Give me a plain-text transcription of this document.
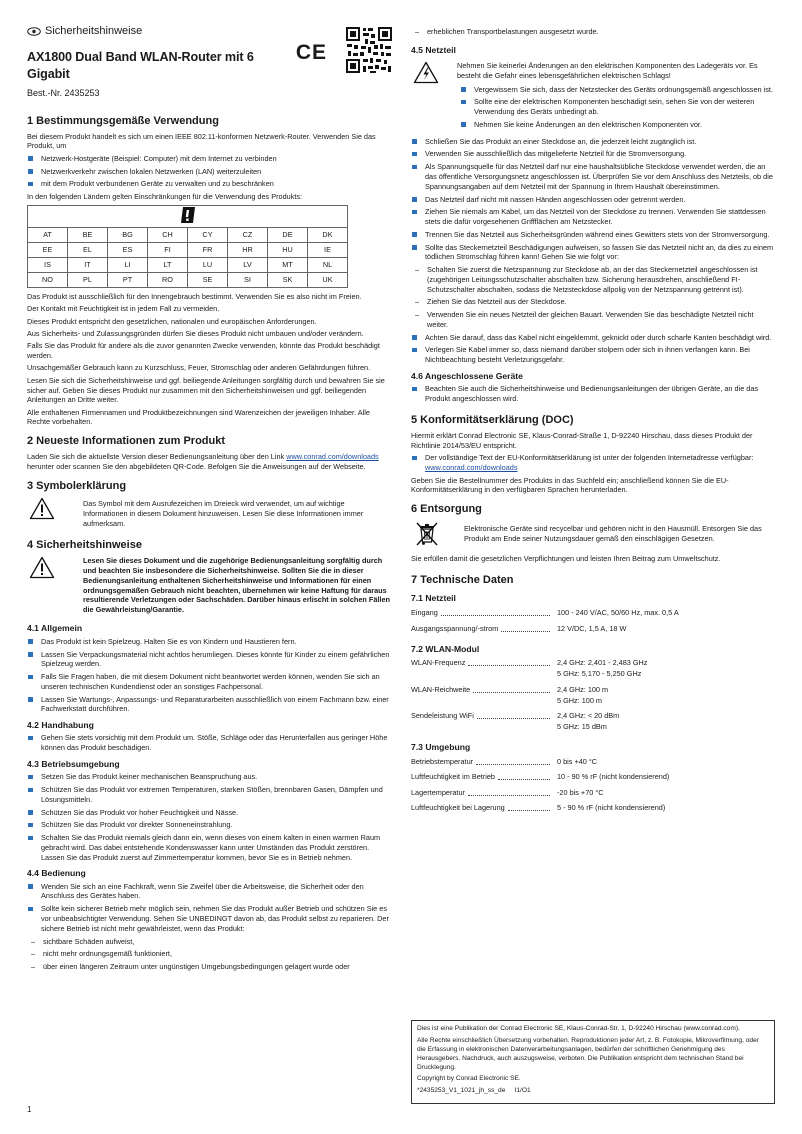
Sicherheitshinweise
AX1800 Dual Band WLAN-Router mit 6 Gigabit
Best.-Nr. 2435253
CE
1 Bestimmungsgemäße Verwendung

Bei diesem Produkt handelt es sich um einen IEEE 802.11-konformen Netzwerk-Router. Verwenden Sie das Produkt, um

Netzwerk-Hostgeräte (Beispiel: Computer) mit dem Internet zu verbinden
Netzwerkverkehr zwischen lokalen Netzwerken (LAN) weiterzuleiten
mit dem Produkt verbundenen Geräte zu verwalten und zu beschränken

In den folgenden Ländern gelten Einschränkungen für die Verwendung des Produkts:

AT	BE	BG	CH	CY	CZ	DE	DK
EE	EL	ES	FI	FR	HR	HU	IE
IS	IT	LI	LT	LU	LV	MT	NL
NO	PL	PT	RO	SE	SI	SK	UK

Das Produkt ist ausschließlich für den Innengebrauch bestimmt. Verwenden Sie es also nicht im Freien.

Der Kontakt mit Feuchtigkeit ist in jedem Fall zu vermeiden.

Dieses Produkt entspricht den gesetzlichen, nationalen und europäischen Anforderungen.

Aus Sicherheits- und Zulassungsgründen dürfen Sie dieses Produkt nicht umbauen und/oder verändern.

Falls Sie das Produkt für andere als die zuvor genannten Zwecke verwenden, könnte das Produkt beschädigt werden.

Unsachgemäßer Gebrauch kann zu Kurzschluss, Feuer, Stromschlag oder anderen Gefährdungen führen.

Lesen Sie sich die Sicherheitshinweise und ggf. beiliegende Anleitungen sorgfältig durch und bewahren Sie sie sicher auf. Geben Sie dieses Produkt nur zusammen mit den Sicherheitshinweisen und ggf. beiliegenden Anleitungen an Dritte weiter.

Alle enthaltenen Firmennamen und Produktbezeichnungen sind Warenzeichen der jeweiligen Inhaber. Alle Rechte vorbehalten.

2 Neueste Informationen zum Produkt

Laden Sie sich die aktuellste Version dieser Bedienungsanleitung über den Link www.conrad.com/downloads herunter oder scannen Sie den abgebildeten QR-Code. Befolgen Sie die Anweisungen auf der Webseite.

3 Symbolerklärung

Das Symbol mit dem Ausrufezeichen im Dreieck wird verwendet, um auf wichtige Informationen in diesem Dokument hinzuweisen. Lesen Sie diese Informationen immer aufmerksam.

4 Sicherheitshinweise

Lesen Sie dieses Dokument und die zugehörige Bedienungsanleitung sorgfältig durch und beachten Sie insbesondere die Sicherheitshinweise. Sollten Sie die in dieser Bedienungsanleitung enthaltenen Sicherheitshinweise und Informationen für einen ordnungsgemäßen Gebrauch nicht beachten, übernehmen wir keine Haftung für daraus resultierende Verletzungen oder Sachschäden. Darüber hinaus erlischt in solchen Fällen die Gewährleistung/Garantie.

4.1 Allgemein
Das Produkt ist kein Spielzeug. Halten Sie es von Kindern und Haustieren fern.
Lassen Sie Verpackungsmaterial nicht achtlos herumliegen. Dieses könnte für Kinder zu einem gefährlichen Spielzeug werden.
Falls Sie Fragen haben, die mit diesem Dokument nicht beantwortet werden können, wenden Sie sich an unseren technischen Kundendienst oder an sonstiges Fachpersonal.
Lassen Sie Wartungs-, Anpassungs- und Reparaturarbeiten ausschließlich von einem Fachmann bzw. einer Fachwerkstatt durchführen.
4.2 Handhabung
Gehen Sie stets vorsichtig mit dem Produkt um. Stöße, Schläge oder das Herunterfallen aus geringer Höhe können das Produkt beschädigen.
4.3 Betriebsumgebung
Setzen Sie das Produkt keiner mechanischen Beanspruchung aus.
Schützen Sie das Produkt vor extremen Temperaturen, starken Stößen, brennbaren Gasen, Dämpfen und Lösungsmitteln.
Schützen Sie das Produkt vor hoher Feuchtigkeit und Nässe.
Schützen Sie das Produkt vor direkter Sonneneinstrahlung.
Schalten Sie das Produkt niemals gleich dann ein, wenn dieses von einem kalten in einen warmen Raum gebracht wird. Das dabei entstehende Kondenswasser kann unter Umständen das Produkt zerstören. Lassen Sie das Produkt zuerst auf Zimmertemperatur kommen, bevor Sie es in Betrieb nehmen.
4.4 Bedienung
Wenden Sie sich an eine Fachkraft, wenn Sie Zweifel über die Arbeitsweise, die Sicherheit oder den Anschluss des Gerätes haben.
Sollte kein sicherer Betrieb mehr möglich sein, nehmen Sie das Produkt außer Betrieb und schützen Sie es vor unbeabsichtigter Verwendung. Sehen Sie UNBEDINGT davon ab, das Produkt selbst zu reparieren. Der sichere Betrieb ist nicht mehr gewährleistet, wenn das Produkt:
– sichtbare Schäden aufweist,
– nicht mehr ordnungsgemäß funktioniert,
– über einen längeren Zeitraum unter ungünstigen Umgebungsbedingungen gelagert wurde oder
– erheblichen Transportbelastungen ausgesetzt wurde.
4.5 Netzteil

Nehmen Sie keinerlei Änderungen an den elektrischen Komponenten des Ladegeräts vor. Es besteht die Gefahr eines lebensgefährlichen elektrischen Schlags!

Vergewissern Sie sich, dass der Netzstecker des Geräts ordnungsgemäß angeschlossen ist.
Sollte eine der elektrischen Komponenten beschädigt sein, sehen Sie von der weiteren Verwendung des Geräts unbedingt ab.
Nehmen Sie keine Änderungen an den elektrischen Komponenten vor.
Schließen Sie das Produkt an einer Steckdose an, die jederzeit leicht zugänglich ist.
Verwenden Sie ausschließlich das mitgelieferte Netzteil für die Stromversorgung.
Als Spannungsquelle für das Netzteil darf nur eine haushaltsübliche Steckdose verwendet werden, die an das öffentliche Versorgungsnetz angeschlossen ist. Überprüfen Sie vor dem Anschluss des Netzteils, ob die Spannungsangaben auf dem Netzteil mit der Spannung in Ihrem Haushalt übereinstimmen.
Das Netzteil darf nicht mit nassen Händen angeschlossen oder getrennt werden.
Ziehen Sie niemals am Kabel, um das Netzteil von der Steckdose zu trennen. Verwenden Sie stattdessen stets die dafür vorgesehenen Griffflächen am Netzstecker.
Trennen Sie das Netzteil aus Sicherheitsgründen während eines Gewitters stets von der Stromversorgung.
Sollte das Steckernetzteil Beschädigungen aufweisen, so fassen Sie das Netzteil nicht an, da dies zu einem tödlichen Stromschlag führen kann! Gehen Sie wie folgt vor:
– Schalten Sie zuerst die Netzspannung zur Steckdose ab, an der das Steckernetzteil angeschlossen ist (zugehörigen Leitungsschutzschalter abschalten bzw. Sicherung herausdrehen, anschließend FI-Schutzschalter abschalten, sodass die Netzsteckdose allpolig von der Netzspannung getrennt ist).
– Ziehen Sie das Netzteil aus der Steckdose.
– Verwenden Sie ein neues Netzteil der gleichen Bauart. Verwenden Sie das beschädigte Netzteil nicht weiter.
Achten Sie darauf, dass das Kabel nicht eingeklemmt, geknickt oder durch scharfe Kanten beschädigt wird.
Verlegen Sie Kabel immer so, dass niemand darüber stolpern oder sich in ihnen verfangen kann. Bei Nichtbeachtung besteht Verletzungsgefahr.
4.6 Angeschlossene Geräte
Beachten Sie auch die Sicherheitshinweise und Bedienungsanleitungen der übrigen Geräte, an die das Produkt angeschlossen wird.
5 Konformitätserklärung (DOC)

Hiermit erklärt Conrad Electronic SE, Klaus-Conrad-Straße 1, D-92240 Hirschau, dass dieses Produkt der Richtlinie 2014/53/EU entspricht.

Der vollständige Text der EU-Konformitätserklärung ist unter der folgenden Internetadresse verfügbar: www.conrad.com/downloads

Geben Sie die Bestellnummer des Produkts in das Suchfeld ein; anschließend können Sie die EU-Konformitätserklärung in den verfügbaren Sprachen herunterladen.

6 Entsorgung

Elektronische Geräte sind recycelbar und gehören nicht in den Hausmüll. Entsorgen Sie das Produkt am Ende seiner Nutzungsdauer gemäß den einschlägigen Gesetzen.

Sie erfüllen damit die gesetzlichen Verpflichtungen und leisten Ihren Beitrag zum Umweltschutz.

7 Technische Daten
7.1 Netzteil
Eingang	100 - 240 V/AC, 50/60 Hz, max. 0,5 A

Ausgangsspannung/-strom	12 V/DC, 1,5 A, 18 W
7.2 WLAN-Modul
WLAN-Frequenz	2,4 GHz: 2,401 - 2,483 GHz
5 GHz: 5,170 - 5,250 GHz

WLAN-Reichweite	2,4 GHz: 100 m
5 GHz: 100 m

Sendeleistung WiFi	2,4 GHz: < 20 dBm
5 GHz: 15 dBm
7.3 Umgebung
Betriebstemperatur	0 bis +40 °C

Luftfeuchtigkeit im Betrieb	10 - 90 % rF (nicht kondensierend)

Lagertemperatur	-20 bis +70 °C

Luftfeuchtigkeit bei Lagerung	5 - 90 % rF (nicht kondensierend)

Dies ist eine Publikation der Conrad Electronic SE, Klaus-Conrad-Str. 1, D-92240 Hirschau (www.conrad.com).

Alle Rechte einschließlich Übersetzung vorbehalten. Reproduktionen jeder Art, z. B. Fotokopie, Mikroverfilmung, oder die Erfassung in elektronischen Datenverarbeitungsanlagen, bedürfen der schriftlichen Genehmigung des Herausgebers. Nachdruck, auch auszugsweise, verboten. Die Publikation entspricht dem technischen Stand bei Drucklegung.

Copyright by Conrad Electronic SE.

*2435253_V1_1021_jh_ss_de     I1/O1

1
